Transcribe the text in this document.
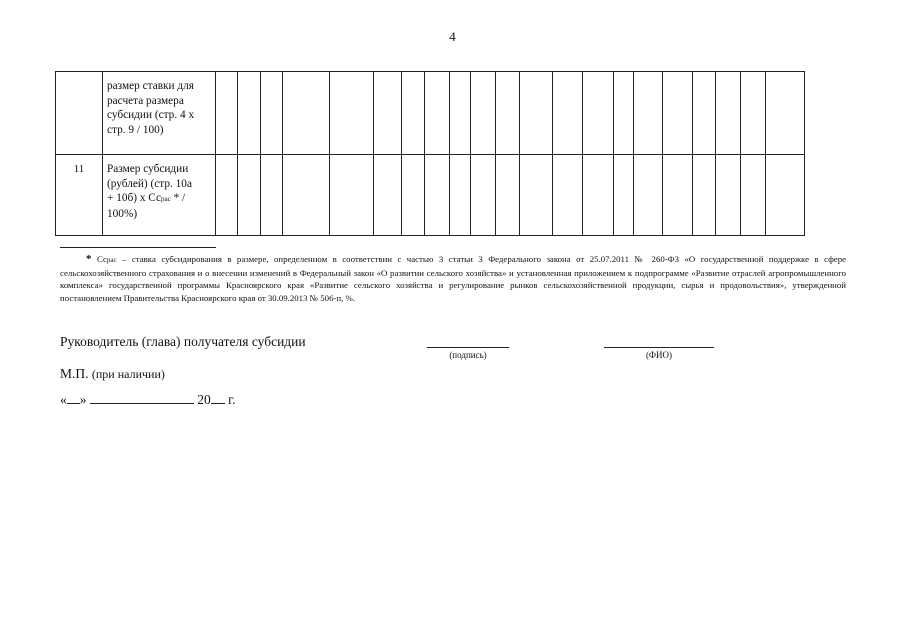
4

	размер ставки для
расчета размера
субсидии (стр. 4 х
стр. 9 / 100)																					

11	Размер субсидии
(рублей) (стр. 10а
+ 10б) х Ссрас * /
100%)																					

* Ссрас – ставка субсидирования в размере, определенном в соответствии с частью 3 статьи 3 Федерального закона от 25.07.2011 № 260-ФЗ «О государственной поддержке в сфере сельскохозяйственного страхования и о внесении изменений в Федеральный закон «О развитии сельского хозяйства» и установленная приложением к подпрограмме «Развитие отраслей агропромышленного комплекса» государственной программы Красноярского края «Развитие сельского хозяйства и регулирование рынков сельскохозяйственной продукции, сырья и продовольствия», утвержденной постановлением Правительства Красноярского края от 30.09.2013 № 506-п, %.
Руководитель (глава) получателя субсидии
(подпись)	(ФИО)
М.П. (при наличии)
« »	20 г.
